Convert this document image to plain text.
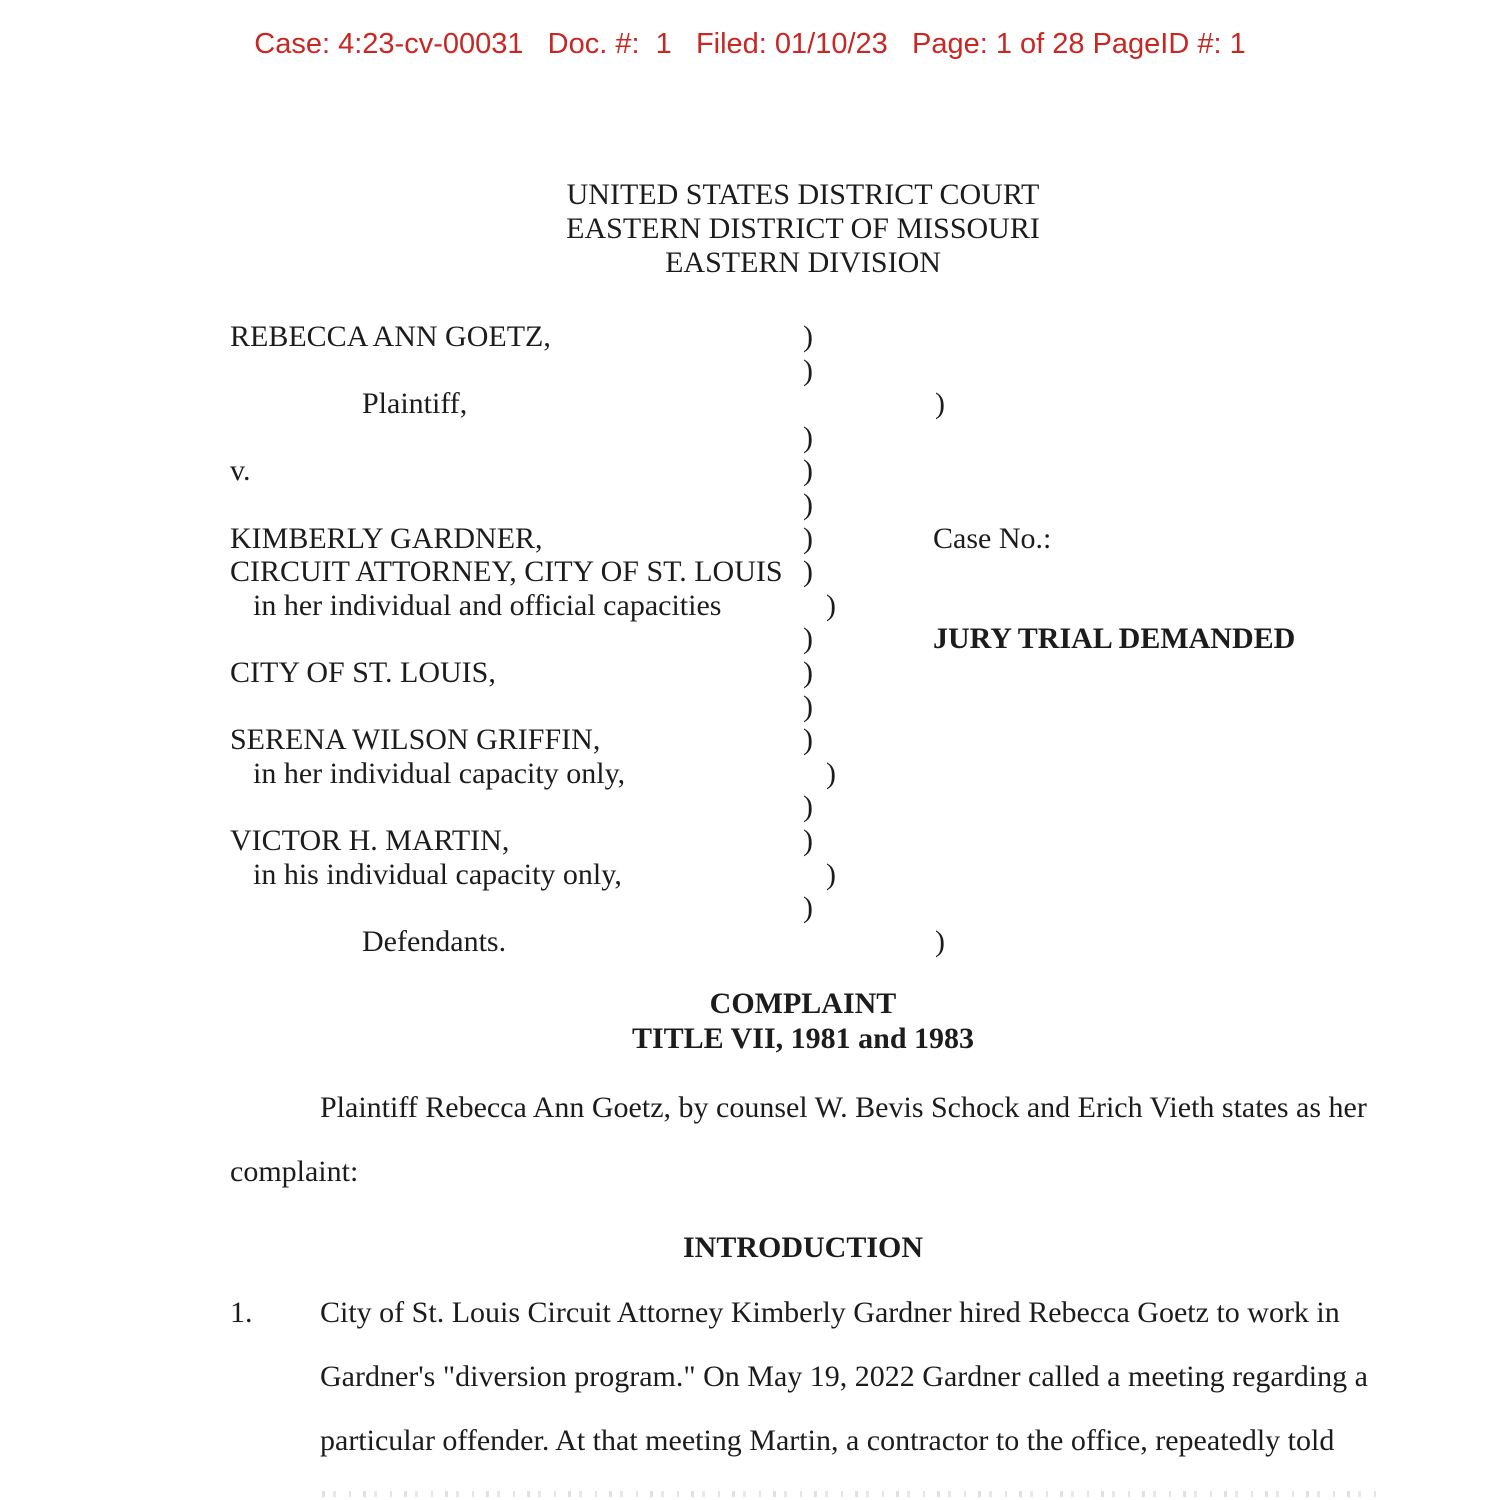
Case: 4:23-cv-00031   Doc. #:  1   Filed: 01/10/23   Page: 1 of 28 PageID #: 1
UNITED STATES DISTRICT COURT
EASTERN DISTRICT OF MISSOURI
EASTERN DIVISION
REBECCA ANN GOETZ,	)
)
Plaintiff,	)
)
v.	)
)
KIMBERLY GARDNER,	)	Case No.:
CIRCUIT ATTORNEY, CITY OF ST. LOUIS )
in her individual and official capacities	)
)	JURY TRIAL DEMANDED
CITY OF ST. LOUIS,	)
)
SERENA WILSON GRIFFIN,	)
in her individual capacity only,	)
)
VICTOR H. MARTIN,	)
in his individual capacity only,	)
)
Defendants.	)
COMPLAINT
TITLE VII, 1981 and 1983
Plaintiff Rebecca Ann Goetz, by counsel W. Bevis Schock and Erich Vieth states as her
complaint:
INTRODUCTION
1. City of St. Louis Circuit Attorney Kimberly Gardner hired Rebecca Goetz to work in
Gardner's "diversion program." On May 19, 2022 Gardner called a meeting regarding a
particular offender. At that meeting Martin, a contractor to the office, repeatedly told
